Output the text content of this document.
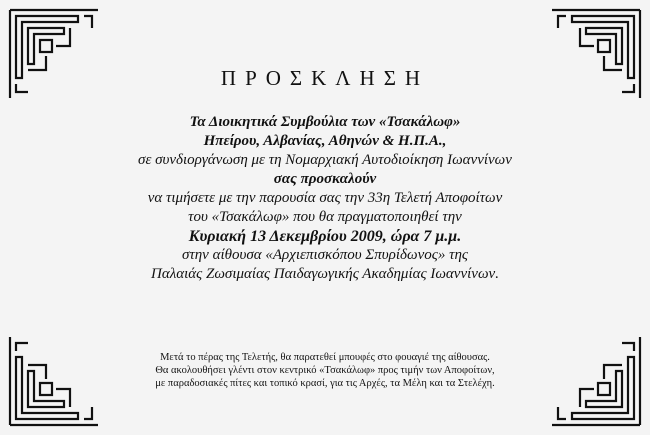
ΠΡΟΣΚΛΗΣΗ
Τα Διοικητικά Συμβούλια των «Τσακάλωφ»
Ηπείρου, Αλβανίας, Αθηνών & Η.Π.Α.,
σε συνδιοργάνωση με τη Νομαρχιακή Αυτοδιοίκηση Ιωαννίνων
σας προσκαλούν
να τιμήσετε με την παρουσία σας την 33η Τελετή Αποφοίτων
του «Τσακάλωφ» που θα πραγματοποιηθεί την
Κυριακή 13 Δεκεμβρίου 2009, ώρα 7 μ.μ.
στην αίθουσα «Αρχιεπισκόπου Σπυρίδωνος» της
Παλαιάς Ζωσιμαίας Παιδαγωγικής Ακαδημίας Ιωαννίνων.
Μετά το πέρας της Τελετής, θα παρατεθεί μπουφές στο φουαγιέ της αίθουσας.
Θα ακολουθήσει γλέντι στον κεντρικό «Τσακάλωφ» προς τιμήν των Αποφοίτων,
με παραδοσιακές πίτες και τοπικό κρασί, για τις Αρχές, τα Μέλη και τα Στελέχη.
